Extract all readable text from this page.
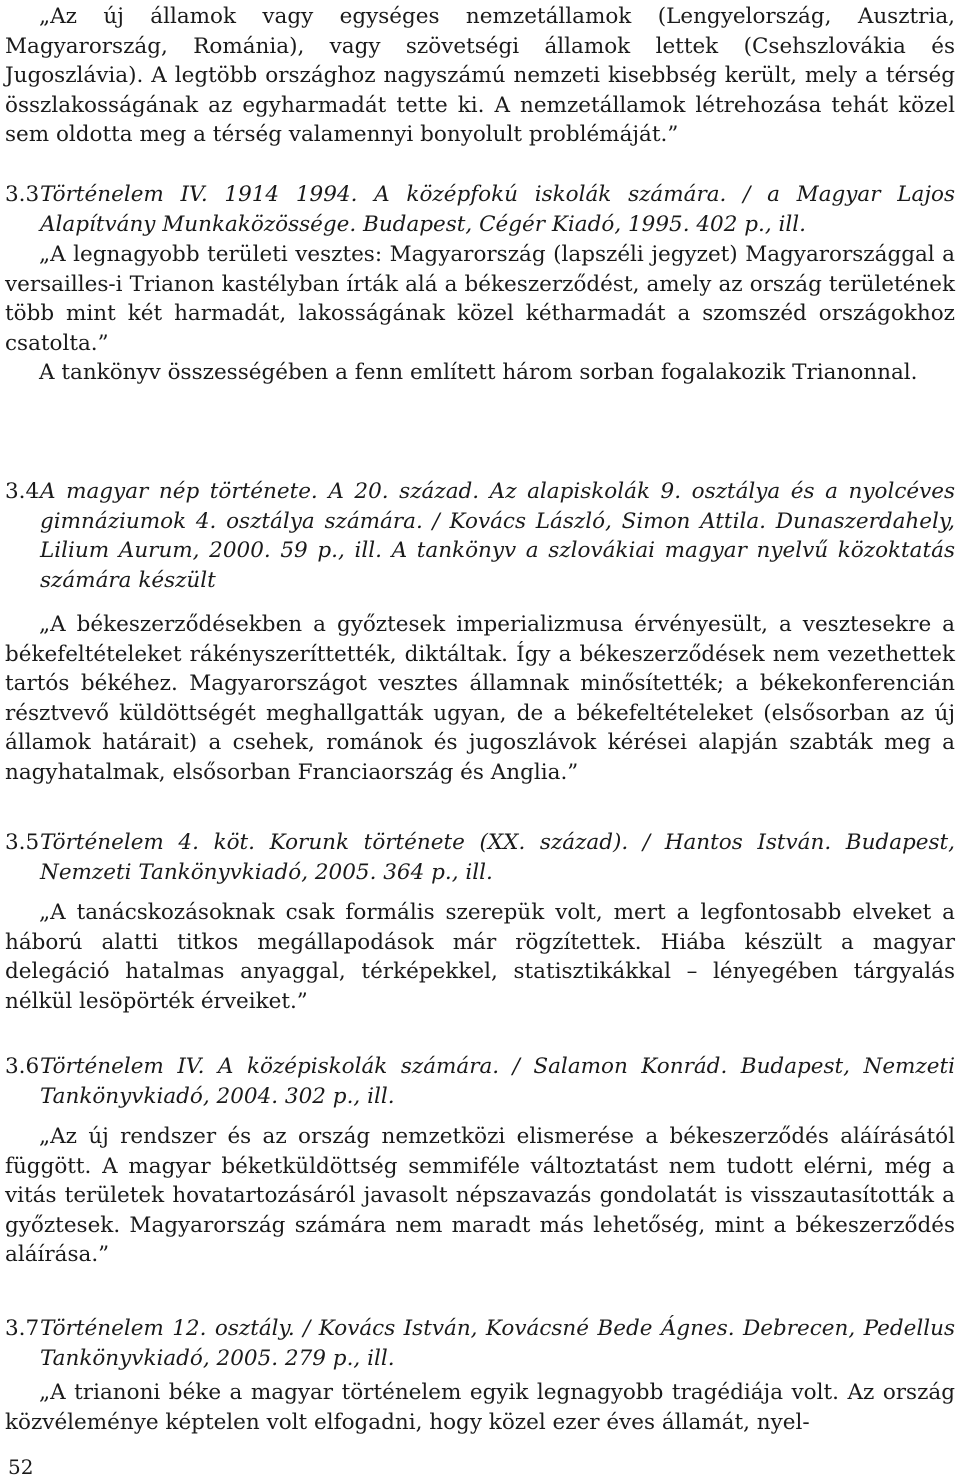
„Az új államok vagy egységes nemzetállamok (Lengyelország, Ausztria, Magyarország, Románia), vagy szövetségi államok lettek (Csehszlovákia és Jugoszlávia). A legtöbb országhoz nagyszámú nemzeti kisebbség került, mely a térség összlakosságának az egyharmadát tette ki. A nemzetállamok létrehozása tehát közel sem oldotta meg a térség valamennyi bonyolult problémáját.”

3.3Történelem IV. 1914 1994. A középfokú iskolák számára. / a Magyar Lajos Alapítvány Munkaközössége. Budapest, Cégér Kiadó, 1995. 402 p., ill.

„A legnagyobb területi vesztes: Magyarország (lapszéli jegyzet) Magyarországgal a versailles-i Trianon kastélyban írták alá a békeszerződést, amely az ország területének több mint két harmadát, lakosságának közel kétharmadát a szomszéd országokhoz csatolta.”

A tankönyv összességében a fenn említett három sorban fogalakozik Trianonnal.

3.4A magyar nép története. A 20. század. Az alapiskolák 9. osztálya és a nyolcéves gimnáziumok 4. osztálya számára. / Kovács László, Simon Attila. Dunaszerdahely, Lilium Aurum, 2000. 59 p., ill. A tankönyv a szlovákiai magyar nyelvű közoktatás számára készült

„A békeszerződésekben a győztesek imperializmusa érvényesült, a vesztesekre a békefeltételeket rákényszeríttették, diktáltak. Így a békeszerződések nem vezethettek tartós békéhez. Magyarországot vesztes államnak minősítették; a békekonferencián résztvevő küldöttségét meghallgatták ugyan, de a békefeltételeket (elsősorban az új államok határait) a csehek, románok és jugoszlávok kérései alapján szabták meg a nagyhatalmak, elsősorban Franciaország és Anglia.”

3.5Történelem 4. köt. Korunk története (XX. század). / Hantos István. Budapest, Nemzeti Tankönyvkiadó, 2005. 364 p., ill.

„A tanácskozásoknak csak formális szerepük volt, mert a legfontosabb elveket a háború alatti titkos megállapodások már rögzítettek. Hiába készült a magyar delegáció hatalmas anyaggal, térképekkel, statisztikákkal – lényegében tárgyalás nélkül lesöpörték érveiket.”

3.6Történelem IV. A középiskolák számára. / Salamon Konrád. Budapest, Nemzeti Tankönyvkiadó, 2004. 302 p., ill.

„Az új rendszer és az ország nemzetközi elismerése a békeszerződés aláírásától függött. A magyar béketküldöttség semmiféle változtatást nem tudott elérni, még a vitás területek hovatartozásáról javasolt népszavazás gondolatát is visszautasították a győztesek. Magyarország számára nem maradt más lehetőség, mint a békeszerződés aláírása.”

3.7Történelem 12. osztály. / Kovács István, Kovácsné Bede Ágnes. Debrecen, Pedellus Tankönyvkiadó, 2005. 279 p., ill.

„A trianoni béke a magyar történelem egyik legnagyobb tragédiája volt. Az ország közvéleménye képtelen volt elfogadni, hogy közel ezer éves államát, nyel-

52
